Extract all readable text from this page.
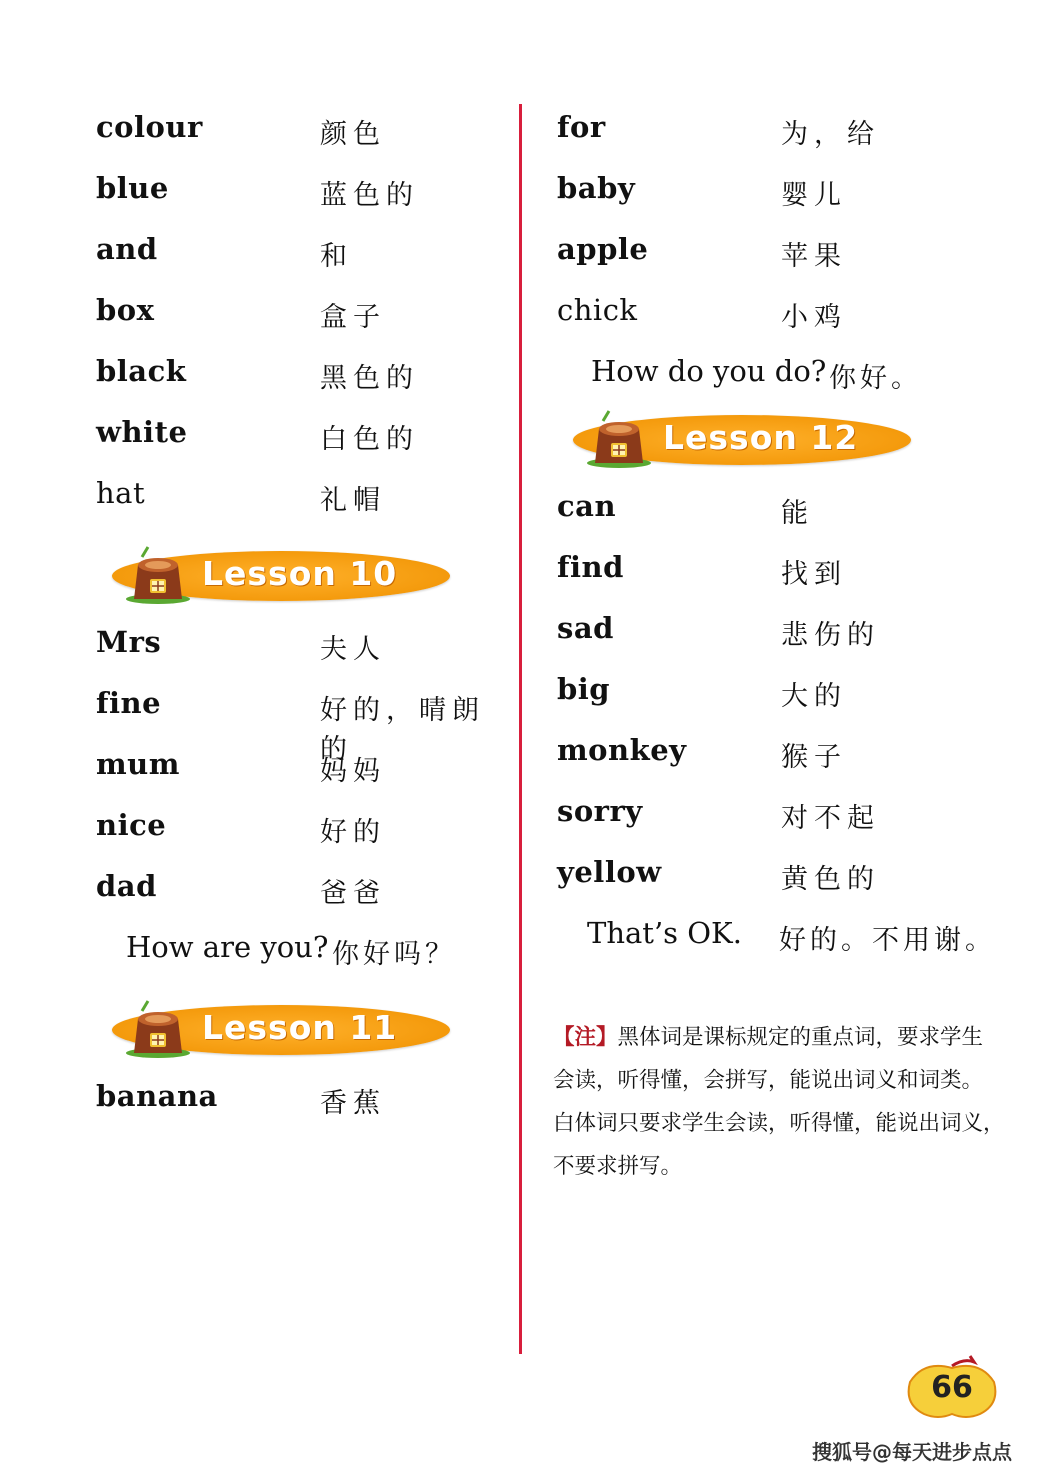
colour	颜色
blue	蓝色的
and	和
box	盒子
black	黑色的
white	白色的
hat	礼帽
Lesson 10
Mrs	夫人
fine	好的，晴朗的
mum	妈妈
nice	好的
dad	爸爸
How are you? 你好吗？
Lesson 11
banana	香蕉
for	为，给
baby	婴儿
apple	苹果
chick	小鸡
How do you do? 你好。
Lesson 12
can	能
find	找到
sad	悲伤的
big	大的
monkey	猴子
sorry	对不起
yellow	黄色的
That’s OK. 好的。不用谢。
【注】黑体词是课标规定的重点词，要求学生
会读，听得懂，会拼写，能说出词义和词类。
白体词只要求学生会读，听得懂，能说出词义，
不要求拼写。
66
搜狐号@每天进步点点
